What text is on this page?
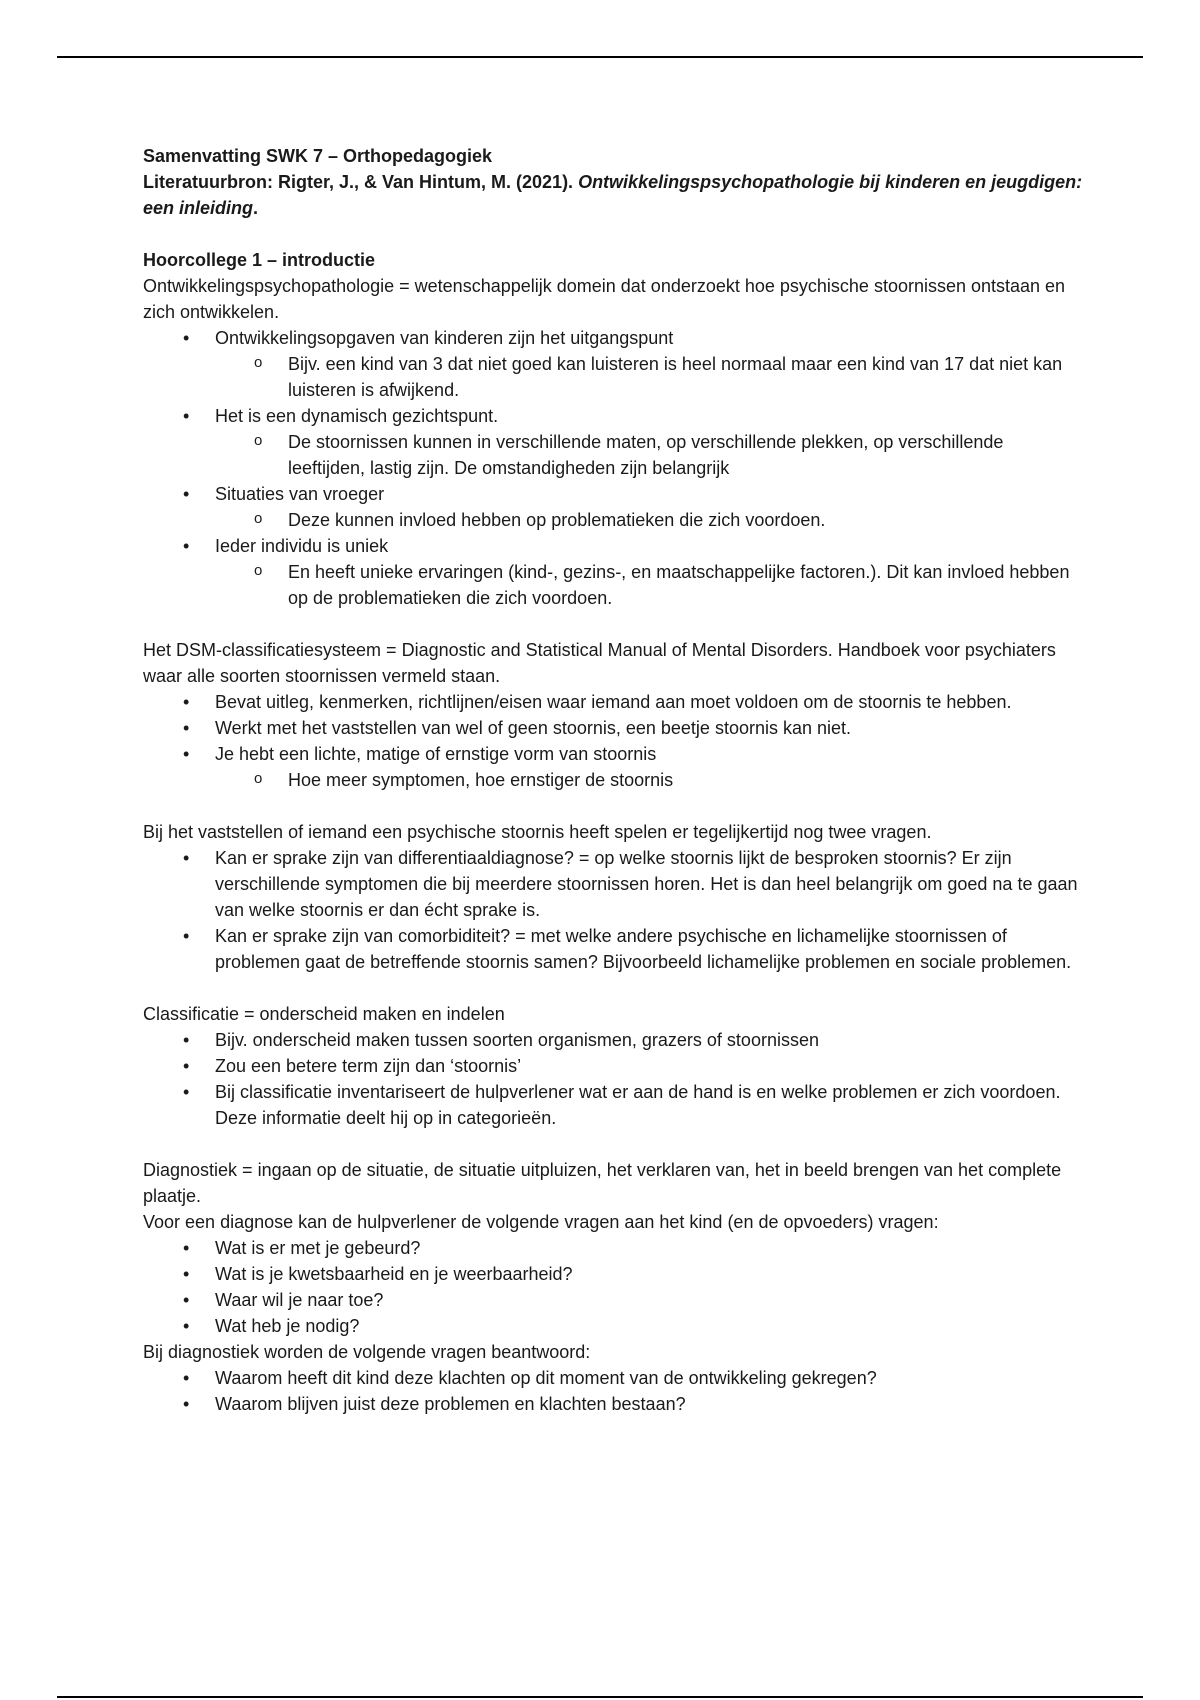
Samenvatting SWK 7 – Orthopedagogiek

Literatuurbron: Rigter, J., & Van Hintum, M. (2021). Ontwikkelingspsychopathologie bij kinderen en jeugdigen: een inleiding.

Hoorcollege 1 – introductie

Ontwikkelingspsychopathologie = wetenschappelijk domein dat onderzoekt hoe psychische stoornissen ontstaan en zich ontwikkelen.

• Ontwikkelingsopgaven van kinderen zijn het uitgangspunt
o Bijv. een kind van 3 dat niet goed kan luisteren is heel normaal maar een kind van 17 dat niet kan luisteren is afwijkend.
• Het is een dynamisch gezichtspunt.
o De stoornissen kunnen in verschillende maten, op verschillende plekken, op verschillende leeftijden, lastig zijn. De omstandigheden zijn belangrijk
• Situaties van vroeger
o Deze kunnen invloed hebben op problematieken die zich voordoen.
• Ieder individu is uniek
o En heeft unieke ervaringen (kind-, gezins-, en maatschappelijke factoren.). Dit kan invloed hebben op de problematieken die zich voordoen.

Het DSM-classificatiesysteem = Diagnostic and Statistical Manual of Mental Disorders. Handboek voor psychiaters waar alle soorten stoornissen vermeld staan.

• Bevat uitleg, kenmerken, richtlijnen/eisen waar iemand aan moet voldoen om de stoornis te hebben.
• Werkt met het vaststellen van wel of geen stoornis, een beetje stoornis kan niet.
• Je hebt een lichte, matige of ernstige vorm van stoornis
o Hoe meer symptomen, hoe ernstiger de stoornis

Bij het vaststellen of iemand een psychische stoornis heeft spelen er tegelijkertijd nog twee vragen.

• Kan er sprake zijn van differentiaaldiagnose? = op welke stoornis lijkt de besproken stoornis? Er zijn verschillende symptomen die bij meerdere stoornissen horen. Het is dan heel belangrijk om goed na te gaan van welke stoornis er dan écht sprake is.
• Kan er sprake zijn van comorbiditeit? = met welke andere psychische en lichamelijke stoornissen of problemen gaat de betreffende stoornis samen? Bijvoorbeeld lichamelijke problemen en sociale problemen.

Classificatie = onderscheid maken en indelen

• Bijv. onderscheid maken tussen soorten organismen, grazers of stoornissen
• Zou een betere term zijn dan ‘stoornis’
• Bij classificatie inventariseert de hulpverlener wat er aan de hand is en welke problemen er zich voordoen. Deze informatie deelt hij op in categorieën.

Diagnostiek = ingaan op de situatie, de situatie uitpluizen, het verklaren van, het in beeld brengen van het complete plaatje.

Voor een diagnose kan de hulpverlener de volgende vragen aan het kind (en de opvoeders) vragen:

• Wat is er met je gebeurd?
• Wat is je kwetsbaarheid en je weerbaarheid?
• Waar wil je naar toe?
• Wat heb je nodig?

Bij diagnostiek worden de volgende vragen beantwoord:

• Waarom heeft dit kind deze klachten op dit moment van de ontwikkeling gekregen?
• Waarom blijven juist deze problemen en klachten bestaan?
